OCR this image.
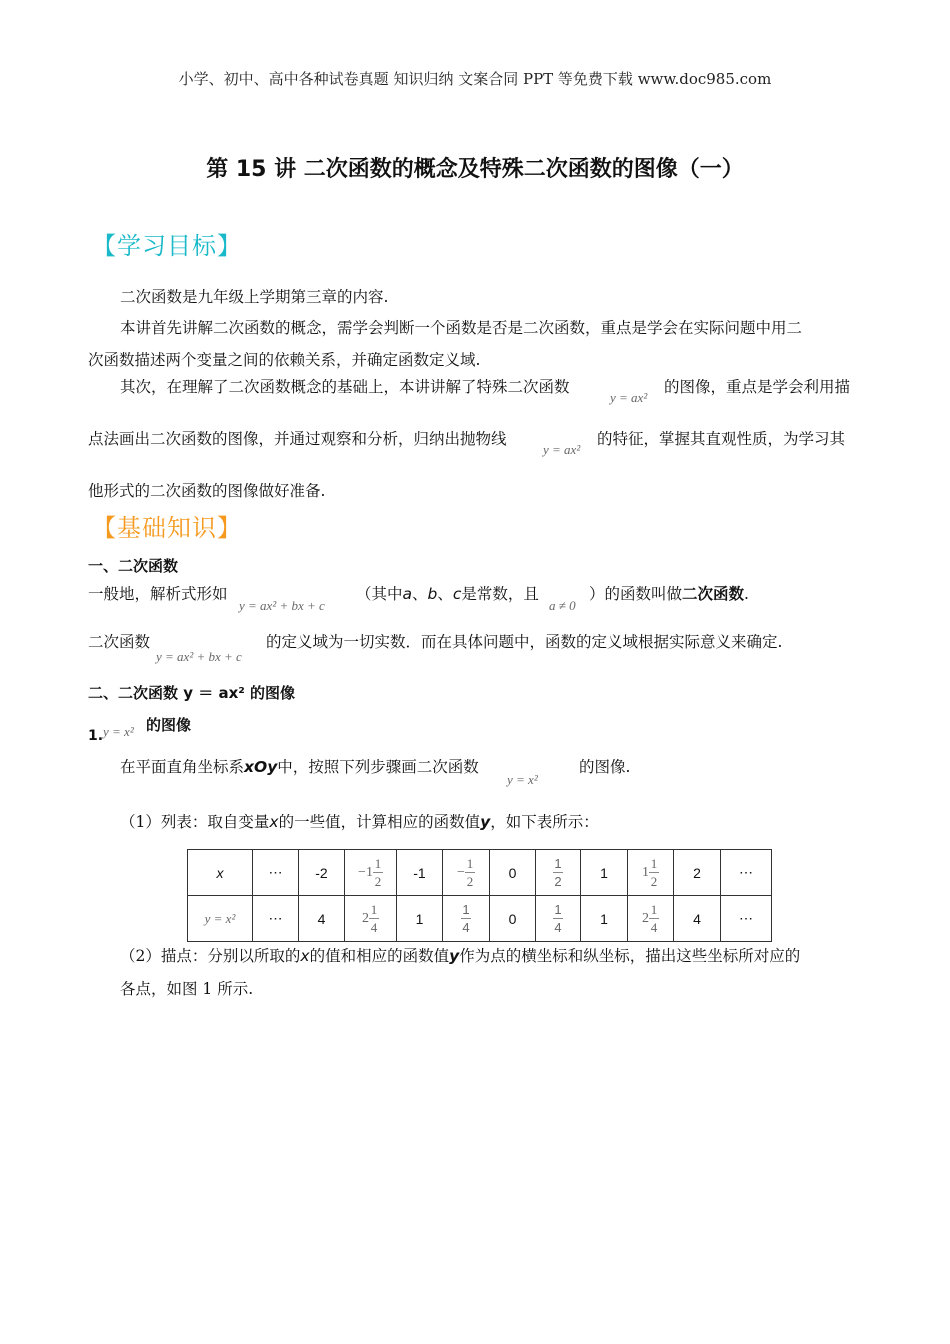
小学、初中、高中各种试卷真题 知识归纳 文案合同 PPT 等免费下载 www.doc985.com
第 15 讲 二次函数的概念及特殊二次函数的图像（一）
【学习目标】
二次函数是九年级上学期第三章的内容.
本讲首先讲解二次函数的概念，需学会判断一个函数是否是二次函数，重点是学会在实际问题中用二
次函数描述两个变量之间的依赖关系，并确定函数定义域.
其次，在理解了二次函数概念的基础上，本讲讲解了特殊二次函数
y = ax²
的图像，重点是学会利用描
点法画出二次函数的图像，并通过观察和分析，归纳出抛物线
y = ax²
的特征，掌握其直观性质，为学习其
他形式的二次函数的图像做好准备.
【基础知识】
一、二次函数
一般地，解析式形如
y = ax² + bx + c
（其中a、b、c是常数，且
a ≠ 0
）的函数叫做二次函数.
二次函数
y = ax² + bx + c
的定义域为一切实数．而在具体问题中，函数的定义域根据实际意义来确定.
二、二次函数 y ＝ ax² 的图像
1. y = x² 的图像
在平面直角坐标系xOy中，按照下列步骤画二次函数
y = x²
的图像.
（1）列表：取自变量x的一些值，计算相应的函数值y，如下表所示：
x	⋯	-2	$-1 \frac{1}{2}$	-1	− $\frac{1}{2}$	0	$\frac{1}{2}$	1	$1 \frac{1}{2}$	2	⋯
y = x²	⋯	4	$2 \frac{1}{4}$	1	$\frac{1}{4}$	0	$\frac{1}{4}$	1	$2 \frac{1}{4}$	4	⋯
（2）描点：分别以所取的x的值和相应的函数值y作为点的横坐标和纵坐标，描出这些坐标所对应的
各点，如图 1 所示.
